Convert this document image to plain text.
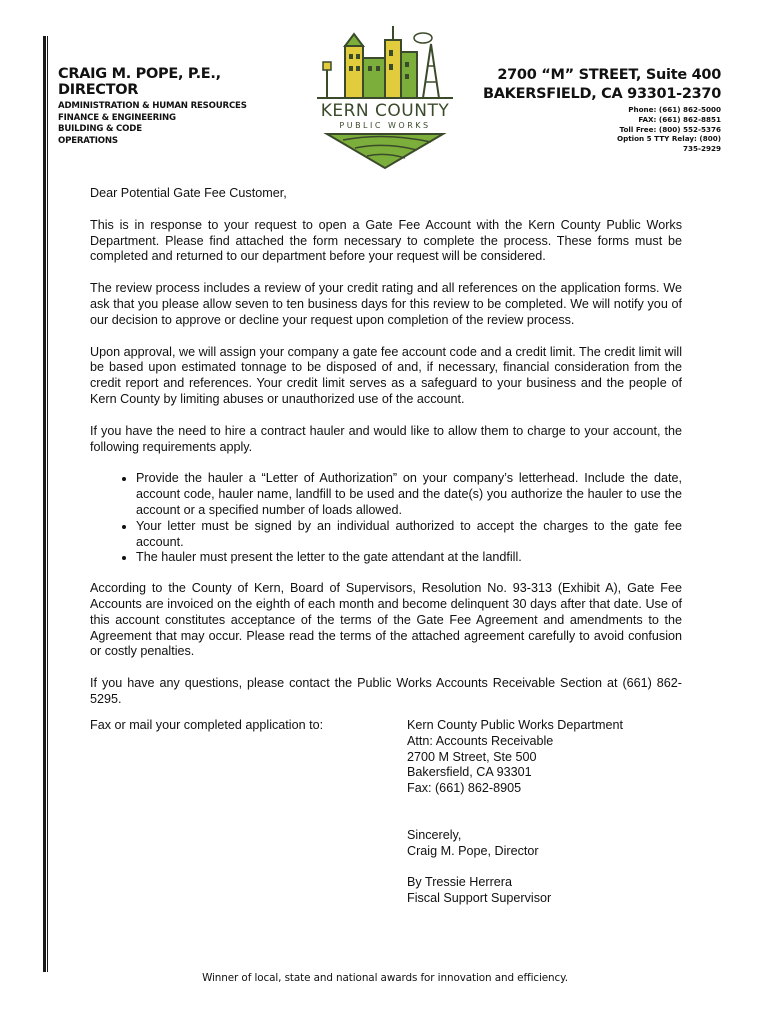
CRAIG M. POPE, P.E., DIRECTOR
ADMINISTRATION & HUMAN RESOURCES
FINANCE & ENGINEERING
BUILDING & CODE
OPERATIONS
2700 “M” STREET, Suite 400
BAKERSFIELD, CA 93301-2370
Phone: (661) 862-5000
FAX: (661) 862-8851
Toll Free: (800) 552-5376
Option 5 TTY Relay: (800)
735-2929
KERN COUNTY
PUBLIC WORKS

Dear Potential Gate Fee Customer,

This is in response to your request to open a Gate Fee Account with the Kern County Public Works Department. Please find attached the form necessary to complete the process. These forms must be completed and returned to our department before your request will be considered.

The review process includes a review of your credit rating and all references on the application forms. We ask that you please allow seven to ten business days for this review to be completed. We will notify you of our decision to approve or decline your request upon completion of the review process.

Upon approval, we will assign your company a gate fee account code and a credit limit. The credit limit will be based upon estimated tonnage to be disposed of and, if necessary, financial consideration from the credit report and references. Your credit limit serves as a safeguard to your business and the people of Kern County by limiting abuses or unauthorized use of the account.

If you have the need to hire a contract hauler and would like to allow them to charge to your account, the following requirements apply.

• Provide the hauler a “Letter of Authorization” on your company’s letterhead. Include the date, account code, hauler name, landfill to be used and the date(s) you authorize the hauler to use the account or a specified number of loads allowed.
• Your letter must be signed by an individual authorized to accept the charges to the gate fee account.
• The hauler must present the letter to the gate attendant at the landfill.

According to the County of Kern, Board of Supervisors, Resolution No. 93-313 (Exhibit A), Gate Fee Accounts are invoiced on the eighth of each month and become delinquent 30 days after that date. Use of this account constitutes acceptance of the terms of the Gate Fee Agreement and amendments to the Agreement that may occur. Please read the terms of the attached agreement carefully to avoid confusion or costly penalties.

If you have any questions, please contact the Public Works Accounts Receivable Section at (661) 862-5295.

Fax or mail your completed application to:	Kern County Public Works Department
Attn: Accounts Receivable
2700 M Street, Ste 500
Bakersfield, CA 93301
Fax: (661) 862-8905
Sincerely,
Craig M. Pope, Director
By Tressie Herrera
Fiscal Support Supervisor
Winner of local, state and national awards for innovation and efficiency.
